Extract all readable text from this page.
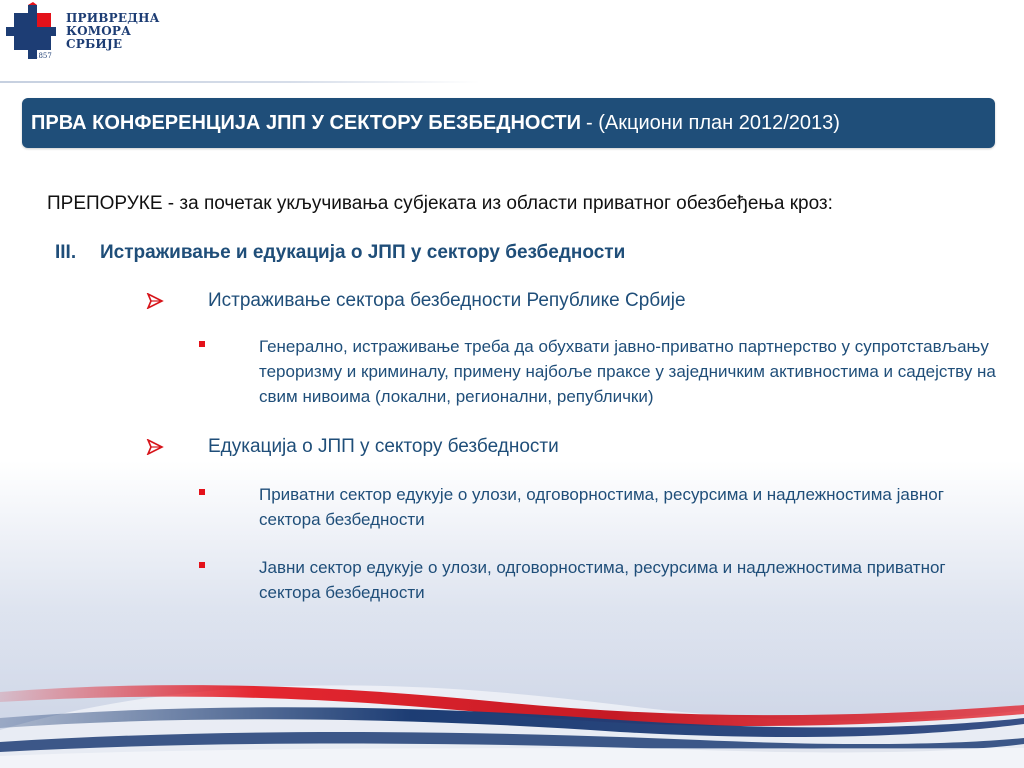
ПРИВРЕДНА
КОМОРА
СРБИЈЕ
1857
ПРВА КОНФЕРЕНЦИЈА ЈПП У СЕКТОРУ БЕЗБЕДНОСТИ - (Акциони план 2012/2013)
ПРЕПОРУКЕ - за почетак укључивања субјеката из области приватног обезбеђења кроз:
III. Истраживање и едукација о ЈПП у сектору безбедности
Истраживање сектора безбедности Републике Србије
Генерално, истраживање треба да обухвати јавно-приватно партнерство у супротстављању тероризму и криминалу, примену најбоље праксе у заједничким активностима и садејству на свим нивоима (локални, регионални, републички)
Едукација о ЈПП у сектору безбедности
Приватни сектор едукује о улози, одговорностима, ресурсима и надлежностима јавног сектора безбедности
Јавни сектор едукује о улози, одговорностима, ресурсима и надлежностима приватног сектора безбедности
